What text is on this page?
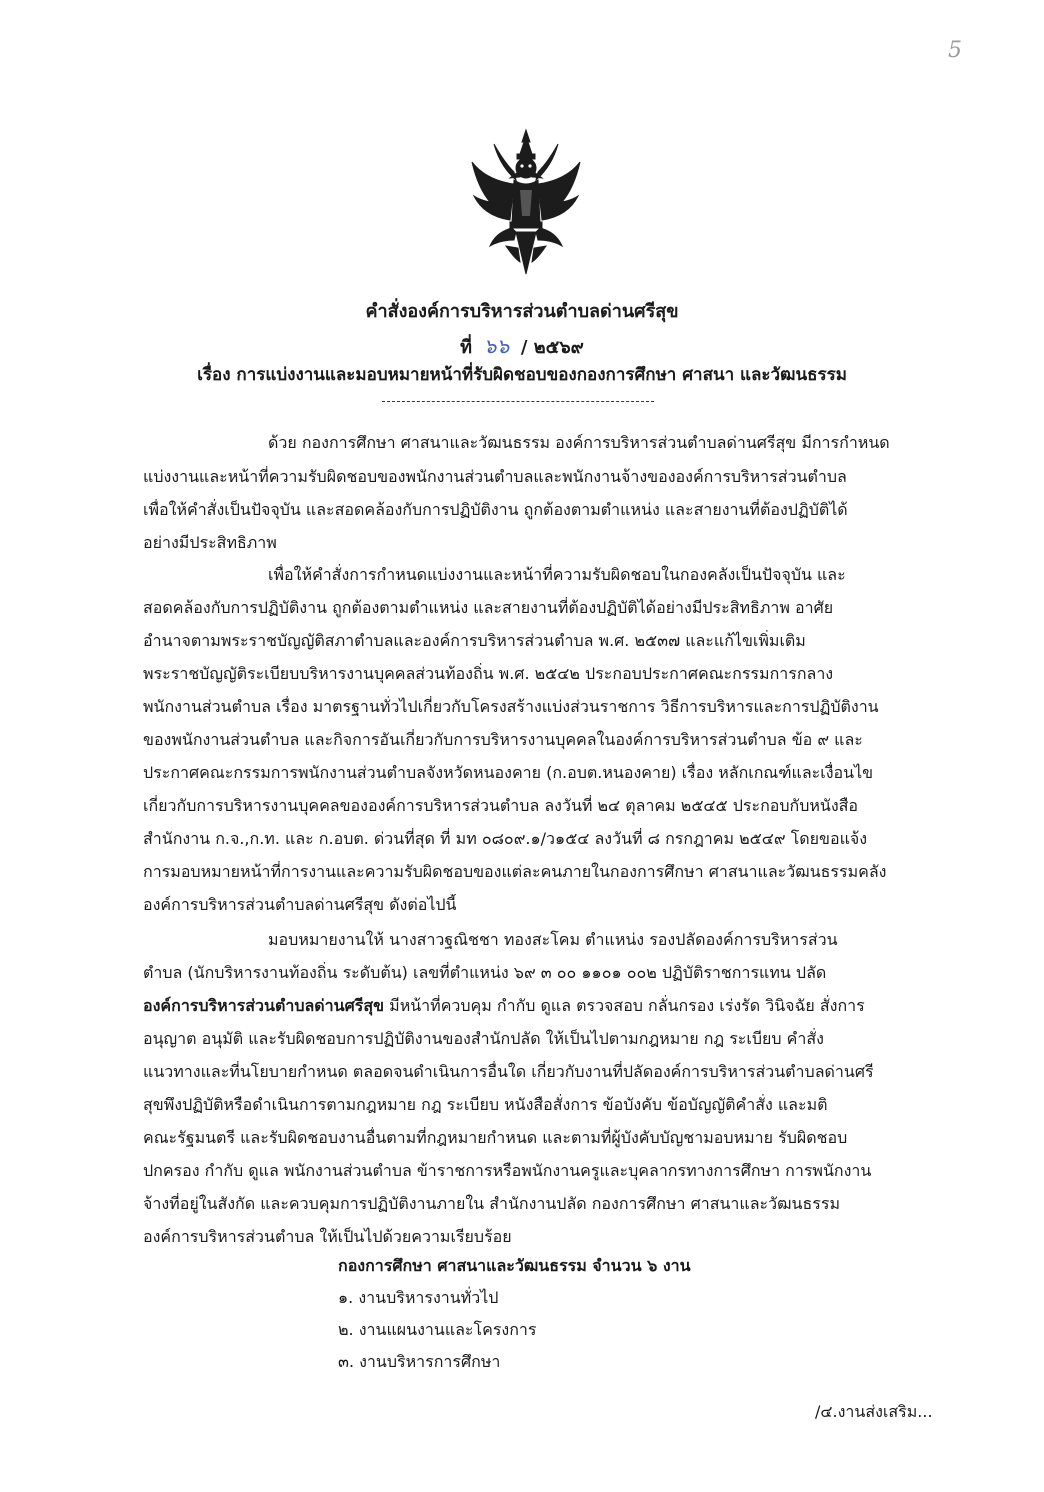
5
คำสั่งองค์การบริหารส่วนตำบลด่านศรีสุข
ที่ ๖๖ / ๒๕๖๙
เรื่อง การแบ่งงานและมอบหมายหน้าที่รับผิดชอบของกองการศึกษา ศาสนา และวัฒนธรรม
ด้วย กองการศึกษา ศาสนาและวัฒนธรรม องค์การบริหารส่วนตำบลด่านศรีสุข มีการกำหนด
แบ่งงานและหน้าที่ความรับผิดชอบของพนักงานส่วนตำบลและพนักงานจ้างขององค์การบริหารส่วนตำบล
เพื่อให้คำสั่งเป็นปัจจุบัน และสอดคล้องกับการปฏิบัติงาน ถูกต้องตามตำแหน่ง และสายงานที่ต้องปฏิบัติได้
อย่างมีประสิทธิภาพ
เพื่อให้คำสั่งการกำหนดแบ่งงานและหน้าที่ความรับผิดชอบในกองคลังเป็นปัจจุบัน และ
สอดคล้องกับการปฏิบัติงาน ถูกต้องตามตำแหน่ง และสายงานที่ต้องปฏิบัติได้อย่างมีประสิทธิภาพ อาศัย
อำนาจตามพระราชบัญญัติสภาตำบลและองค์การบริหารส่วนตำบล พ.ศ. ๒๕๓๗ และแก้ไขเพิ่มเติม
พระราชบัญญัติระเบียบบริหารงานบุคคลส่วนท้องถิ่น พ.ศ. ๒๕๔๒ ประกอบประกาศคณะกรรมการกลาง
พนักงานส่วนตำบล เรื่อง มาตรฐานทั่วไปเกี่ยวกับโครงสร้างแบ่งส่วนราชการ วิธีการบริหารและการปฏิบัติงาน
ของพนักงานส่วนตำบล และกิจการอันเกี่ยวกับการบริหารงานบุคคลในองค์การบริหารส่วนตำบล ข้อ ๙ และ
ประกาศคณะกรรมการพนักงานส่วนตำบลจังหวัดหนองคาย (ก.อบต.หนองคาย) เรื่อง หลักเกณฑ์และเงื่อนไข
เกี่ยวกับการบริหารงานบุคคลขององค์การบริหารส่วนตำบล ลงวันที่ ๒๔ ตุลาคม ๒๕๔๕ ประกอบกับหนังสือ
สำนักงาน ก.จ.,ก.ท. และ ก.อบต. ด่วนที่สุด ที่ มท ๐๘๐๙.๑/ว๑๕๔ ลงวันที่ ๘ กรกฎาคม ๒๕๔๙ โดยขอแจ้ง
การมอบหมายหน้าที่การงานและความรับผิดชอบของแต่ละคนภายในกองการศึกษา ศาสนาและวัฒนธรรมคลัง
องค์การบริหารส่วนตำบลด่านศรีสุข ดังต่อไปนี้
มอบหมายงานให้ นางสาวฐณิชชา ทองสะโคม ตำแหน่ง รองปลัดองค์การบริหารส่วน
ตำบล (นักบริหารงานท้องถิ่น ระดับต้น) เลขที่ตำแหน่ง ๖๙ ๓ ๐๐ ๑๑๐๑ ๐๐๒ ปฏิบัติราชการแทน ปลัด
องค์การบริหารส่วนตำบลด่านศรีสุข มีหน้าที่ควบคุม กำกับ ดูแล ตรวจสอบ กลั่นกรอง เร่งรัด วินิจฉัย สั่งการ
อนุญาต อนุมัติ และรับผิดชอบการปฏิบัติงานของสำนักปลัด ให้เป็นไปตามกฎหมาย กฎ ระเบียบ คำสั่ง
แนวทางและที่นโยบายกำหนด ตลอดจนดำเนินการอื่นใด เกี่ยวกับงานที่ปลัดองค์การบริหารส่วนตำบลด่านศรี
สุขพึงปฏิบัติหรือดำเนินการตามกฎหมาย กฎ ระเบียบ หนังสือสั่งการ ข้อบังคับ ข้อบัญญัติคำสั่ง และมติ
คณะรัฐมนตรี และรับผิดชอบงานอื่นตามที่กฎหมายกำหนด และตามที่ผู้บังคับบัญชามอบหมาย รับผิดชอบ
ปกครอง กำกับ ดูแล พนักงานส่วนตำบล ข้าราชการหรือพนักงานครูและบุคลากรทางการศึกษา การพนักงาน
จ้างที่อยู่ในสังกัด และควบคุมการปฏิบัติงานภายใน สำนักงานปลัด กองการศึกษา ศาสนาและวัฒนธรรม
องค์การบริหารส่วนตำบล ให้เป็นไปด้วยความเรียบร้อย
กองการศึกษา ศาสนาและวัฒนธรรม จำนวน ๖ งาน
๑. งานบริหารงานทั่วไป
๒. งานแผนงานและโครงการ
๓. งานบริหารการศึกษา
/๔.งานส่งเสริม...
